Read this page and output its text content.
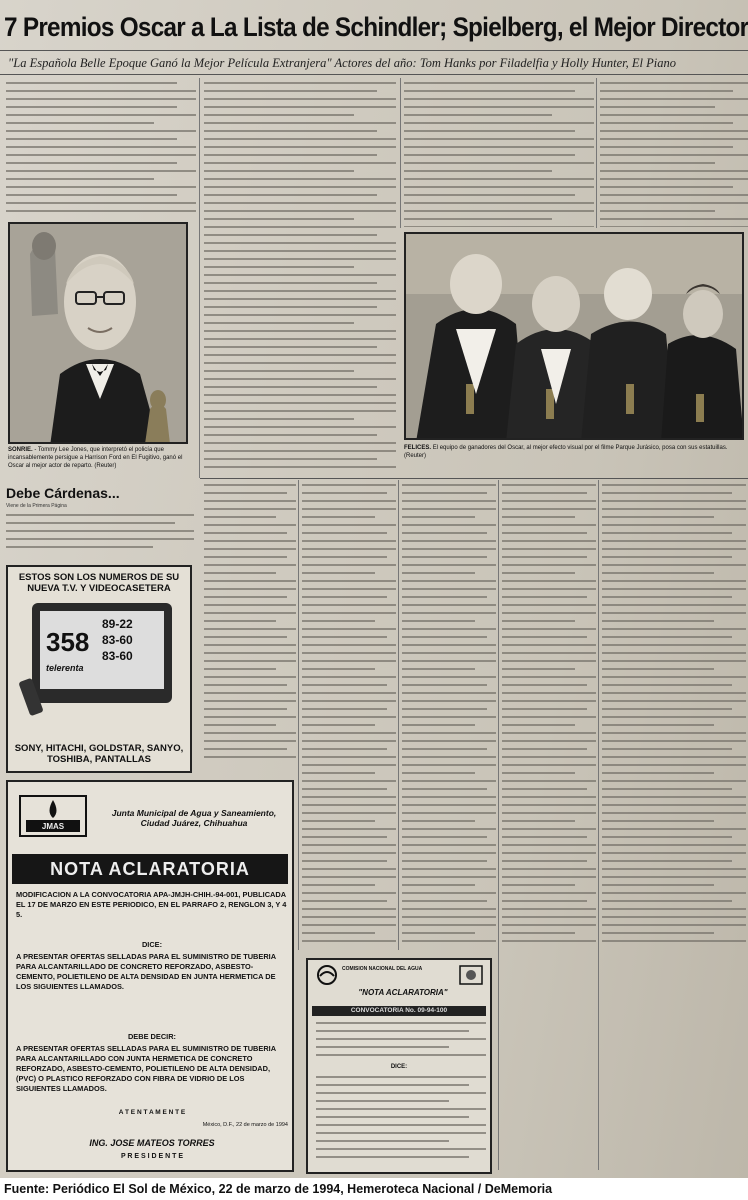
7 Premios Oscar a La Lista de Schindler; Spielberg, el Mejor Director
"La Española Belle Epoque Ganó la Mejor Película Extranjera" Actores del año: Tom Hanks por Filadelfia y Holly Hunter, El Piano
SONRIE. - Tommy Lee Jones, que interpretó el policía que incansablemente persigue a Harrison Ford en El Fugitivo, ganó el Oscar al mejor actor de reparto. (Reuter)
FELICES. El equipo de ganadores del Oscar, al mejor efecto visual por el filme Parque Jurásico, posa con sus estatuillas. (Reuter)
Debe Cárdenas...
Viene de la Primera Página
ESTOS SON LOS NUMEROS DE SU NUEVA T.V. Y VIDEOCASETERA
358
89-22
83-60
83-60
telerenta
SONY, HITACHI, GOLDSTAR, SANYO, TOSHIBA, PANTALLAS
JMAS
Junta Municipal de Agua y Saneamiento, Ciudad Juárez, Chihuahua
NOTA ACLARATORIA
MODIFICACION A LA CONVOCATORIA APA-JMJH-CHIH.-94-001, PUBLICADA EL 17 DE MARZO EN ESTE PERIODICO, EN EL PARRAFO 2, RENGLON 3, Y 4 5.
DICE:
A PRESENTAR OFERTAS SELLADAS PARA EL SUMINISTRO DE TUBERIA PARA ALCANTARILLADO DE CONCRETO REFORZADO, ASBESTO-CEMENTO, POLIETILENO DE ALTA DENSIDAD EN JUNTA HERMETICA DE LOS SIGUIENTES LLAMADOS.
DEBE DECIR:
A PRESENTAR OFERTAS SELLADAS PARA EL SUMINISTRO DE TUBERIA PARA ALCANTARILLADO CON JUNTA HERMETICA DE CONCRETO REFORZADO, ASBESTO-CEMENTO, POLIETILENO DE ALTA DENSIDAD, (PVC) O PLASTICO REFORZADO CON FIBRA DE VIDRIO DE LOS SIGUIENTES LLAMADOS.
A T E N T A M E N T E
México, D.F., 22 de marzo de 1994
ING. JOSE MATEOS TORRES
P R E S I D E N T E
COMISION NACIONAL DEL AGUA
"NOTA ACLARATORIA"
CONVOCATORIA No. 09-94-100
DICE:
Fuente: Periódico El Sol de México, 22 de marzo de 1994, Hemeroteca Nacional / DeMemoria
